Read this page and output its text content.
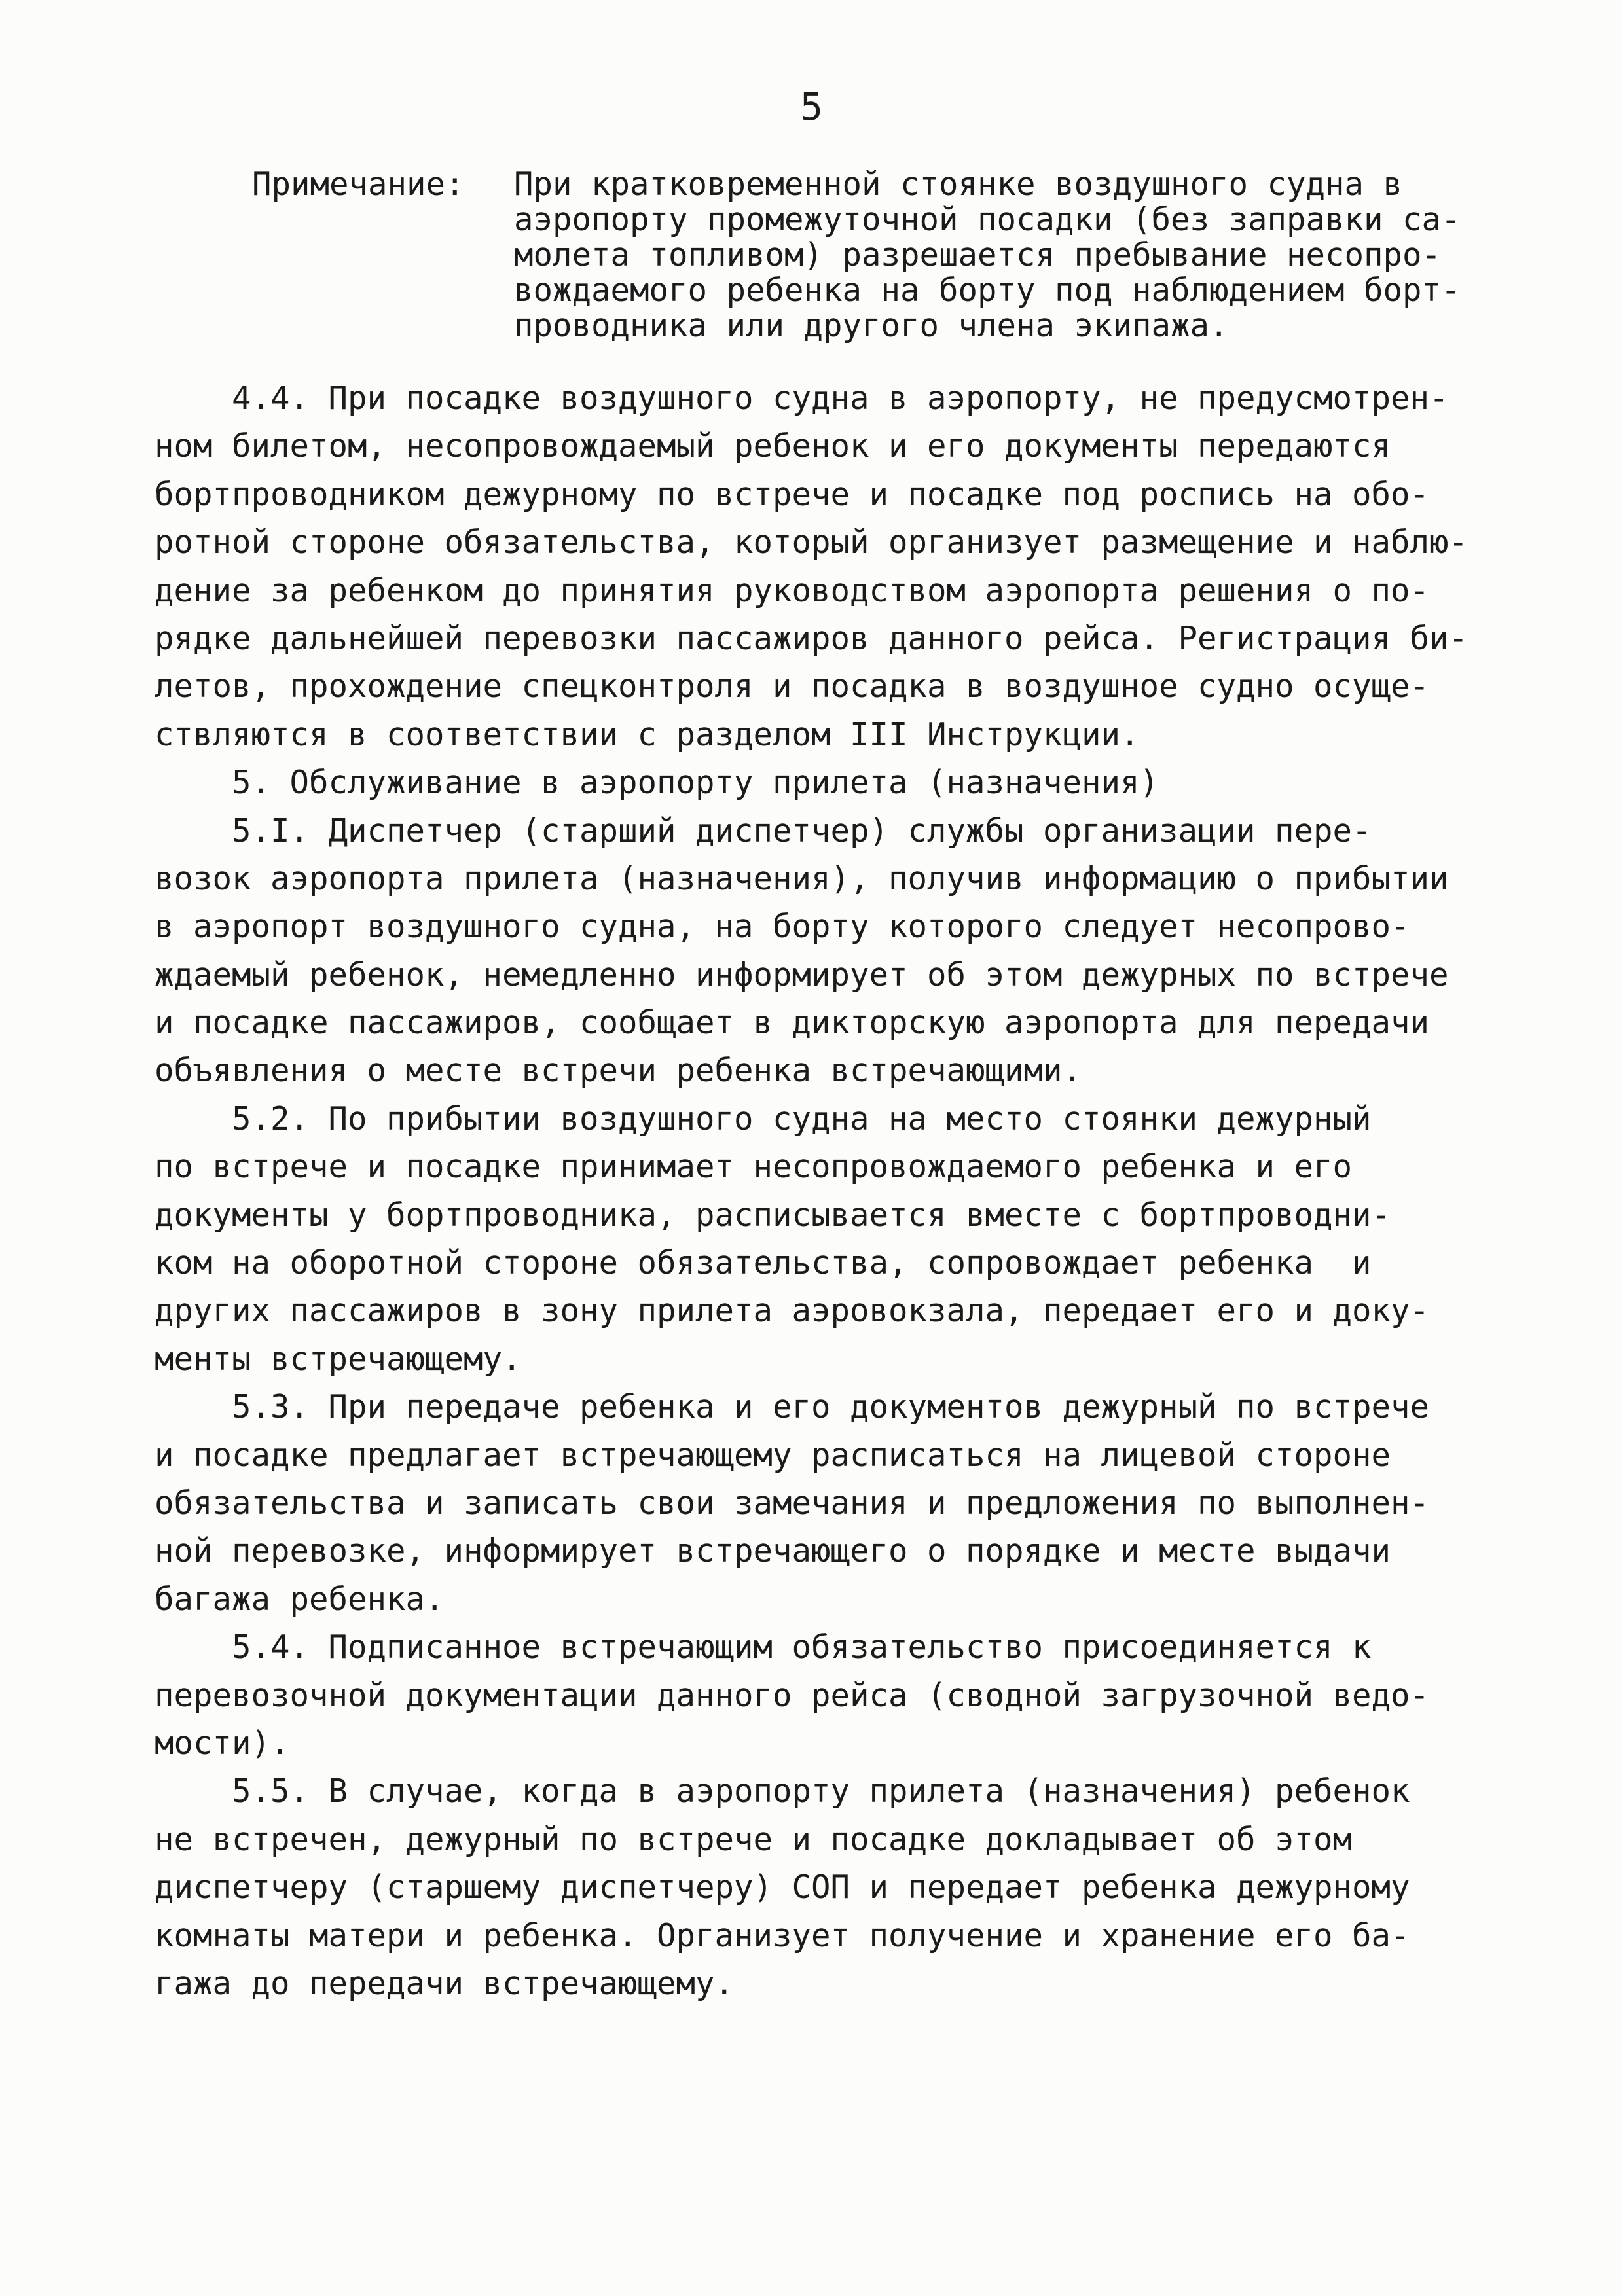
5
Примечание:	При кратковременной стоянке воздушного судна в
аэропорту промежуточной посадки (без заправки са-
молета топливом) разрешается пребывание несопро-
вождаемого ребенка на борту под наблюдением борт-
проводника или другого члена экипажа.
4.4. При посадке воздушного судна в аэропорту, не предусмотрен-
ном билетом, несопровождаемый ребенок и его документы передаются
бортпроводником дежурному по встрече и посадке под роспись на обо-
ротной стороне обязательства, который организует размещение и наблю-
дение за ребенком до принятия руководством аэропорта решения о по-
рядке дальнейшей перевозки пассажиров данного рейса. Регистрация би-
летов, прохождение спецконтроля и посадка в воздушное судно осуще-
ствляются в соответствии с разделом III Инструкции.
5. Обслуживание в аэропорту прилета (назначения)
5.I. Диспетчер (старший диспетчер) службы организации пере-
возок аэропорта прилета (назначения), получив информацию о прибытии
в аэропорт воздушного судна, на борту которого следует несопрово-
ждаемый ребенок, немедленно информирует об этом дежурных по встрече
и посадке пассажиров, сообщает в дикторскую аэропорта для передачи
объявления о месте встречи ребенка встречающими.
5.2. По прибытии воздушного судна на место стоянки дежурный
по встрече и посадке принимает несопровождаемого ребенка и его
документы у бортпроводника, расписывается вместе с бортпроводни-
ком на оборотной стороне обязательства, сопровождает ребенка  и
других пассажиров в зону прилета аэровокзала, передает его и доку-
менты встречающему.
5.3. При передаче ребенка и его документов дежурный по встрече
и посадке предлагает встречающему расписаться на лицевой стороне
обязательства и записать свои замечания и предложения по выполнен-
ной перевозке, информирует встречающего о порядке и месте выдачи
багажа ребенка.
5.4. Подписанное встречающим обязательство присоединяется к
перевозочной документации данного рейса (сводной загрузочной ведо-
мости).
5.5. В случае, когда в аэропорту прилета (назначения) ребенок
не встречен, дежурный по встрече и посадке докладывает об этом
диспетчеру (старшему диспетчеру) СОП и передает ребенка дежурному
комнаты матери и ребенка. Организует получение и хранение его ба-
гажа до передачи встречающему.
